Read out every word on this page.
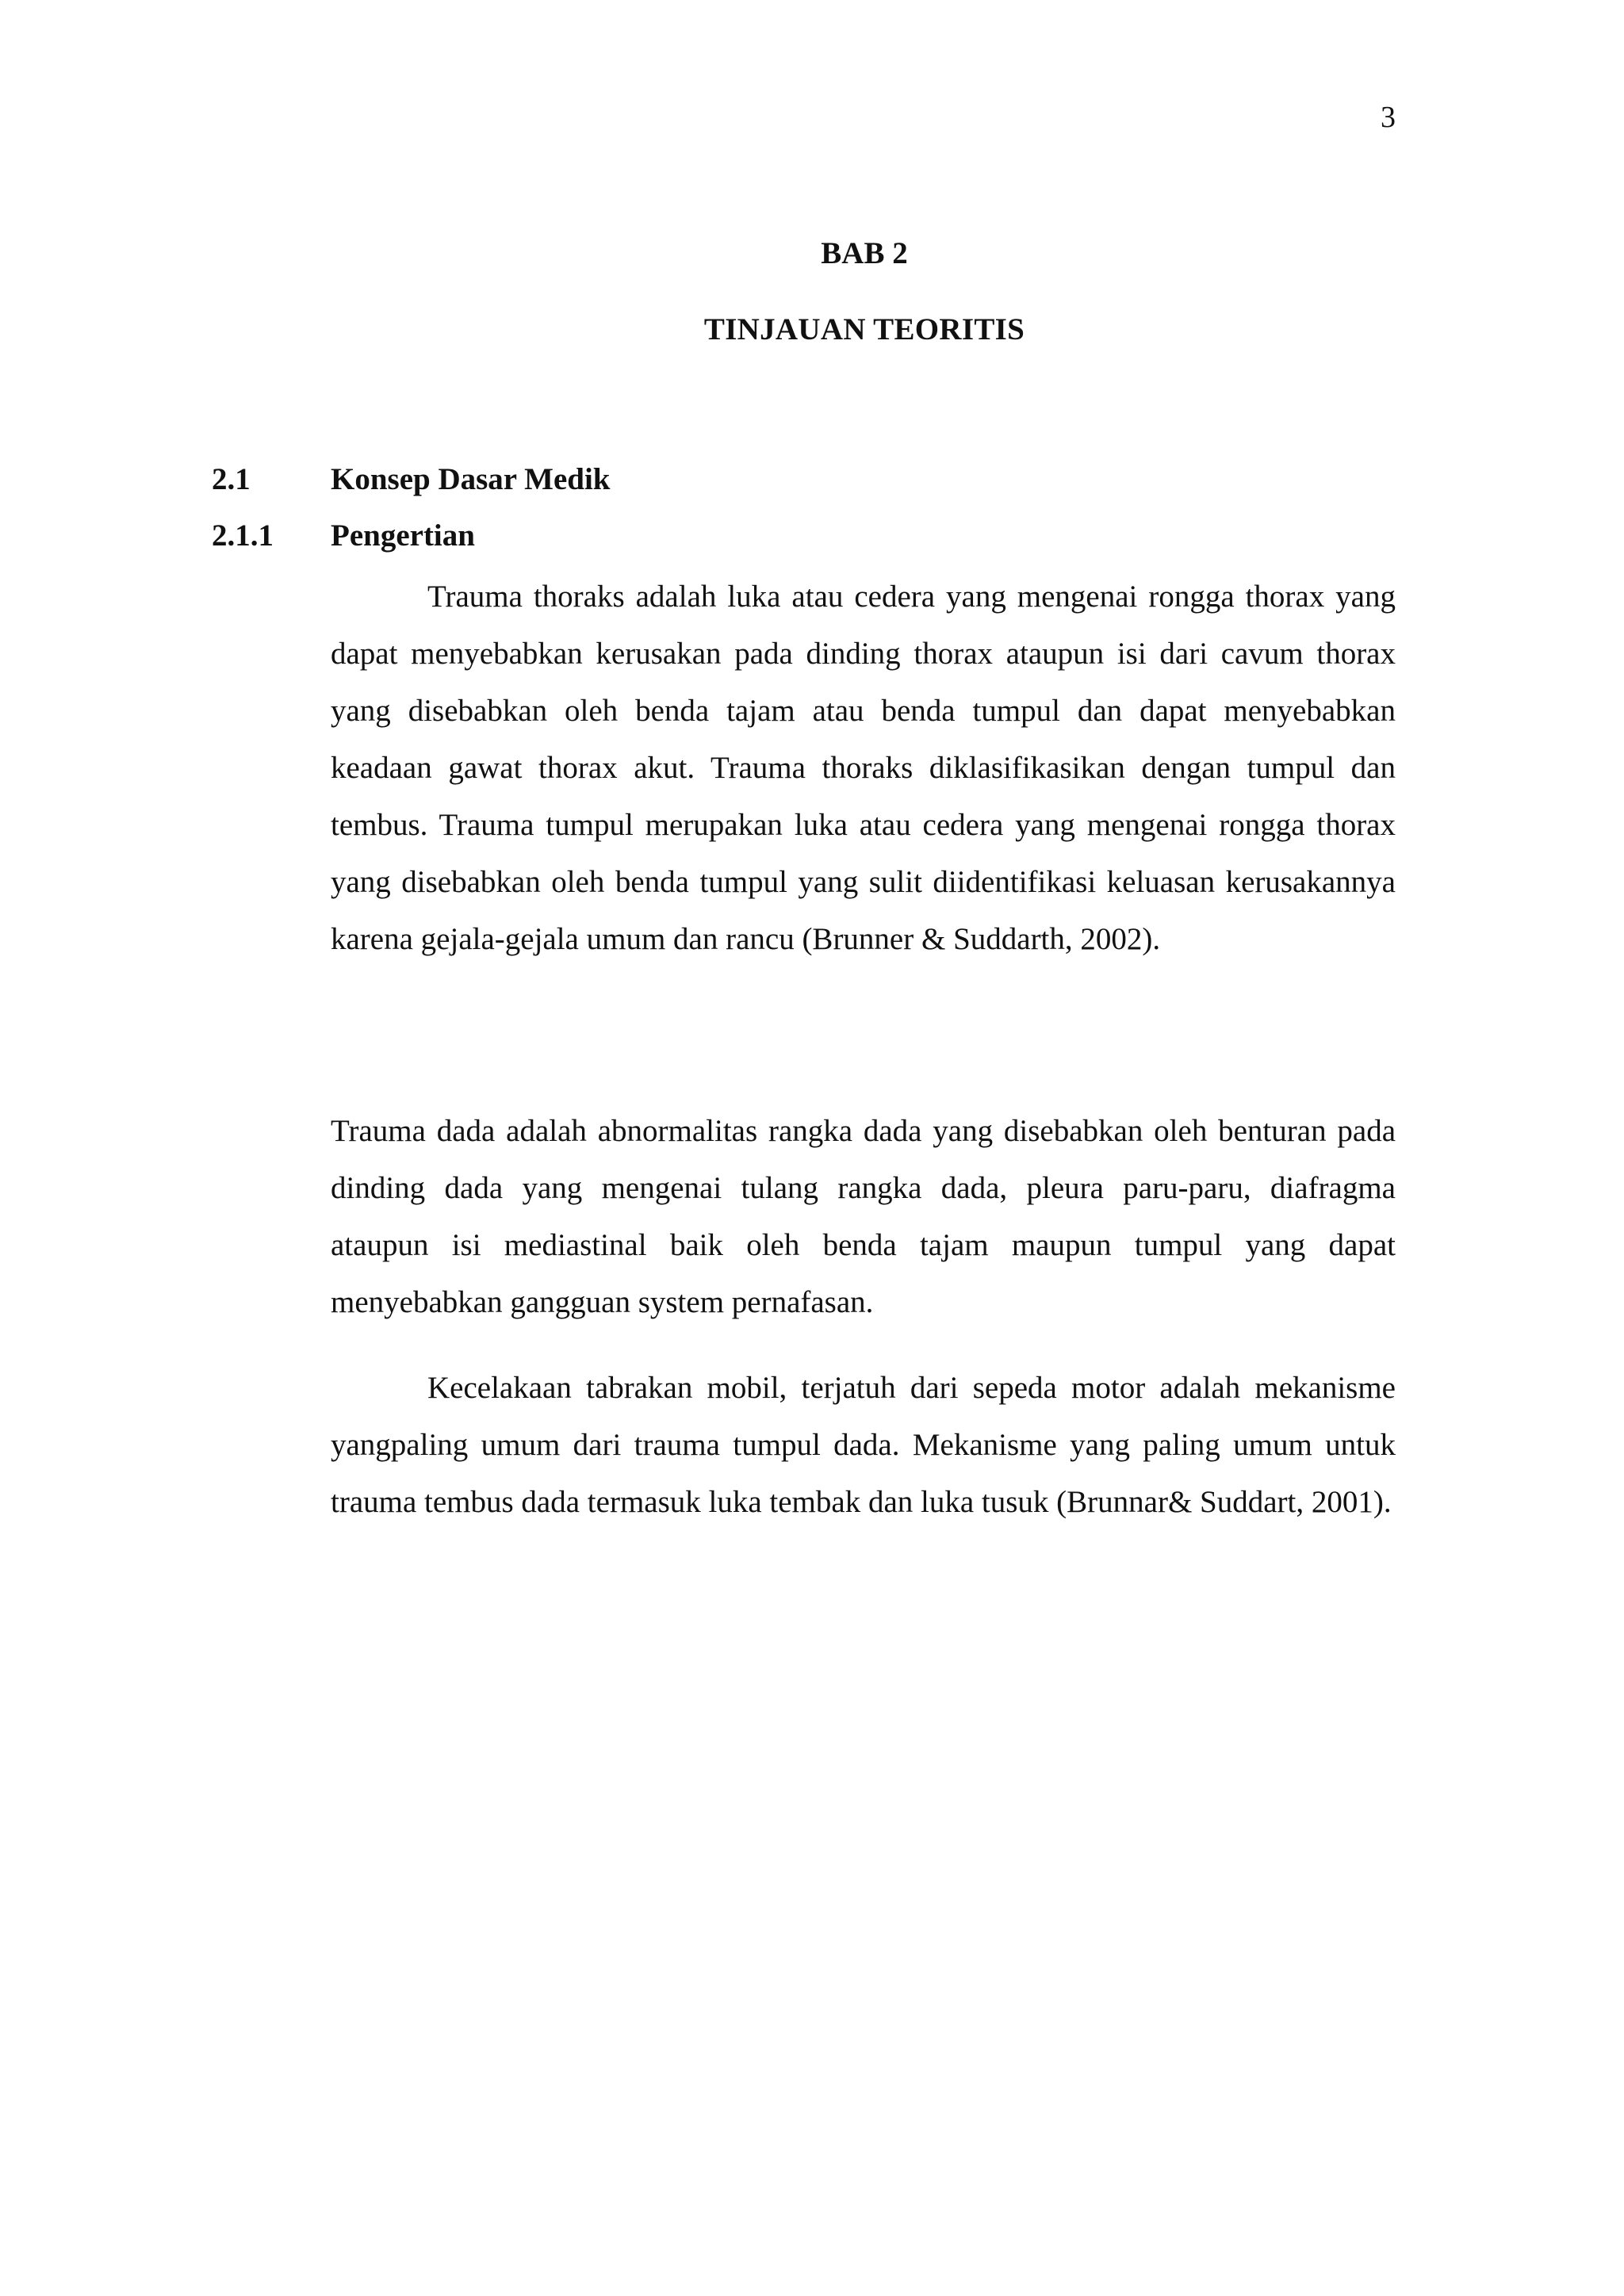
3
BAB 2
TINJAUAN TEORITIS
2.1	Konsep Dasar Medik
2.1.1 Pengertian

Trauma thoraks adalah luka atau cedera yang mengenai rongga thorax yang dapat menyebabkan kerusakan pada dinding thorax ataupun isi dari cavum thorax yang disebabkan oleh benda tajam atau benda tumpul dan dapat menyebabkan keadaan gawat thorax akut. Trauma thoraks diklasifikasikan dengan tumpul dan tembus. Trauma tumpul merupakan luka atau cedera yang mengenai rongga thorax yang disebabkan oleh benda tumpul yang sulit diidentifikasi keluasan kerusakannya karena gejala-gejala umum dan rancu (Brunner & Suddarth, 2002).

Trauma dada adalah abnormalitas rangka dada yang disebabkan oleh benturan pada dinding dada yang mengenai tulang rangka dada, pleura paru-paru, diafragma ataupun isi mediastinal baik oleh benda tajam maupun tumpul yang dapat menyebabkan gangguan system pernafasan.

Kecelakaan tabrakan mobil, terjatuh dari sepeda motor adalah mekanisme yangpaling umum dari trauma tumpul dada. Mekanisme yang paling umum untuk trauma tembus dada termasuk luka tembak dan luka tusuk (Brunnar& Suddart, 2001).
